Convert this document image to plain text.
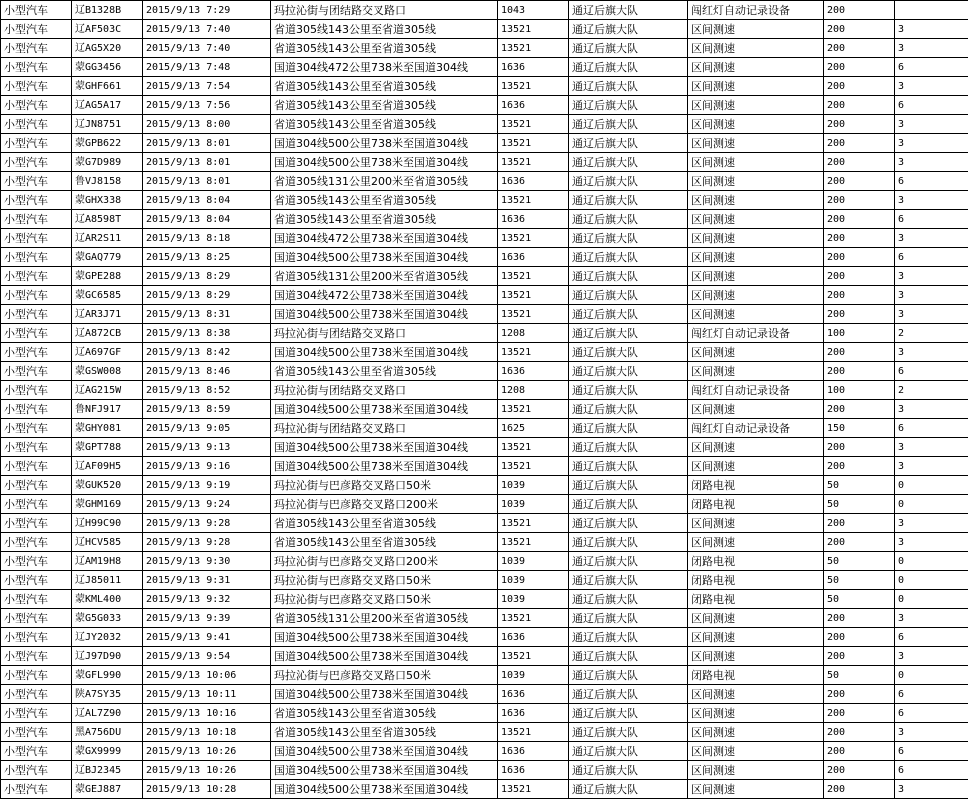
小型汽车	辽B1328B	2015/9/13 7:29	玛拉沁街与团结路交叉路口	1043	通辽后旗大队	闯红灯自动记录设备	200	
小型汽车	辽AF503C	2015/9/13 7:40	省道305线143公里至省道305线	13521	通辽后旗大队	区间测速	200	3
小型汽车	辽AG5X20	2015/9/13 7:40	省道305线143公里至省道305线	13521	通辽后旗大队	区间测速	200	3
小型汽车	蒙GG3456	2015/9/13 7:48	国道304线472公里738米至国道304线	1636	通辽后旗大队	区间测速	200	6
小型汽车	蒙GHF661	2015/9/13 7:54	省道305线143公里至省道305线	13521	通辽后旗大队	区间测速	200	3
小型汽车	辽AG5A17	2015/9/13 7:56	省道305线143公里至省道305线	1636	通辽后旗大队	区间测速	200	6
小型汽车	辽JN8751	2015/9/13 8:00	省道305线143公里至省道305线	13521	通辽后旗大队	区间测速	200	3
小型汽车	蒙GPB622	2015/9/13 8:01	国道304线500公里738米至国道304线	13521	通辽后旗大队	区间测速	200	3
小型汽车	蒙G7D989	2015/9/13 8:01	国道304线500公里738米至国道304线	13521	通辽后旗大队	区间测速	200	3
小型汽车	鲁VJ8158	2015/9/13 8:01	省道305线131公里200米至省道305线	1636	通辽后旗大队	区间测速	200	6
小型汽车	蒙GHX338	2015/9/13 8:04	省道305线143公里至省道305线	13521	通辽后旗大队	区间测速	200	3
小型汽车	辽A8598T	2015/9/13 8:04	省道305线143公里至省道305线	1636	通辽后旗大队	区间测速	200	6
小型汽车	辽AR2S11	2015/9/13 8:18	国道304线472公里738米至国道304线	13521	通辽后旗大队	区间测速	200	3
小型汽车	蒙GAQ779	2015/9/13 8:25	国道304线500公里738米至国道304线	1636	通辽后旗大队	区间测速	200	6
小型汽车	蒙GPE288	2015/9/13 8:29	省道305线131公里200米至省道305线	13521	通辽后旗大队	区间测速	200	3
小型汽车	蒙GC6585	2015/9/13 8:29	国道304线472公里738米至国道304线	13521	通辽后旗大队	区间测速	200	3
小型汽车	辽AR3J71	2015/9/13 8:31	国道304线500公里738米至国道304线	13521	通辽后旗大队	区间测速	200	3
小型汽车	辽A872CB	2015/9/13 8:38	玛拉沁街与团结路交叉路口	1208	通辽后旗大队	闯红灯自动记录设备	100	2
小型汽车	辽A697GF	2015/9/13 8:42	国道304线500公里738米至国道304线	13521	通辽后旗大队	区间测速	200	3
小型汽车	蒙GSW008	2015/9/13 8:46	省道305线143公里至省道305线	1636	通辽后旗大队	区间测速	200	6
小型汽车	辽AG215W	2015/9/13 8:52	玛拉沁街与团结路交叉路口	1208	通辽后旗大队	闯红灯自动记录设备	100	2
小型汽车	鲁NFJ917	2015/9/13 8:59	国道304线500公里738米至国道304线	13521	通辽后旗大队	区间测速	200	3
小型汽车	蒙GHY081	2015/9/13 9:05	玛拉沁街与团结路交叉路口	1625	通辽后旗大队	闯红灯自动记录设备	150	6
小型汽车	蒙GPT788	2015/9/13 9:13	国道304线500公里738米至国道304线	13521	通辽后旗大队	区间测速	200	3
小型汽车	辽AF09H5	2015/9/13 9:16	国道304线500公里738米至国道304线	13521	通辽后旗大队	区间测速	200	3
小型汽车	蒙GUK520	2015/9/13 9:19	玛拉沁街与巴彦路交叉路口50米	1039	通辽后旗大队	闭路电视	50	0
小型汽车	蒙GHM169	2015/9/13 9:24	玛拉沁街与巴彦路交叉路口200米	1039	通辽后旗大队	闭路电视	50	0
小型汽车	辽H99C90	2015/9/13 9:28	省道305线143公里至省道305线	13521	通辽后旗大队	区间测速	200	3
小型汽车	辽HCV585	2015/9/13 9:28	省道305线143公里至省道305线	13521	通辽后旗大队	区间测速	200	3
小型汽车	辽AM19H8	2015/9/13 9:30	玛拉沁街与巴彦路交叉路口200米	1039	通辽后旗大队	闭路电视	50	0
小型汽车	辽J85011	2015/9/13 9:31	玛拉沁街与巴彦路交叉路口50米	1039	通辽后旗大队	闭路电视	50	0
小型汽车	蒙KML400	2015/9/13 9:32	玛拉沁街与巴彦路交叉路口50米	1039	通辽后旗大队	闭路电视	50	0
小型汽车	蒙G5G033	2015/9/13 9:39	省道305线131公里200米至省道305线	13521	通辽后旗大队	区间测速	200	3
小型汽车	辽JY2032	2015/9/13 9:41	国道304线500公里738米至国道304线	1636	通辽后旗大队	区间测速	200	6
小型汽车	辽J97D90	2015/9/13 9:54	国道304线500公里738米至国道304线	13521	通辽后旗大队	区间测速	200	3
小型汽车	蒙GFL990	2015/9/13 10:06	玛拉沁街与巴彦路交叉路口50米	1039	通辽后旗大队	闭路电视	50	0
小型汽车	陕A7SY35	2015/9/13 10:11	国道304线500公里738米至国道304线	1636	通辽后旗大队	区间测速	200	6
小型汽车	辽AL7Z90	2015/9/13 10:16	省道305线143公里至省道305线	1636	通辽后旗大队	区间测速	200	6
小型汽车	黑A756DU	2015/9/13 10:18	省道305线143公里至省道305线	13521	通辽后旗大队	区间测速	200	3
小型汽车	蒙GX9999	2015/9/13 10:26	国道304线500公里738米至国道304线	1636	通辽后旗大队	区间测速	200	6
小型汽车	辽BJ2345	2015/9/13 10:26	国道304线500公里738米至国道304线	1636	通辽后旗大队	区间测速	200	6
小型汽车	蒙GEJ887	2015/9/13 10:28	国道304线500公里738米至国道304线	13521	通辽后旗大队	区间测速	200	3
